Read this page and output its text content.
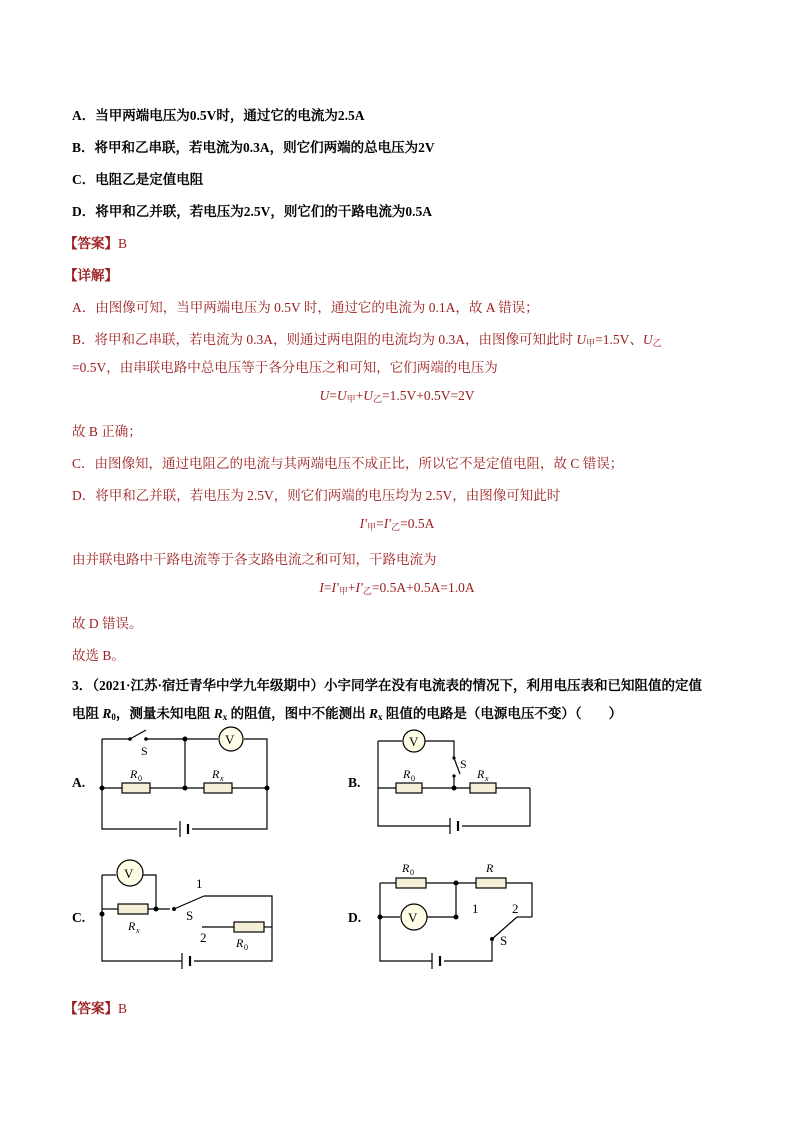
A．当甲两端电压为0.5V时，通过它的电流为2.5A
B．将甲和乙串联，若电流为0.3A，则它们两端的总电压为2V
C．电阻乙是定值电阻
D．将甲和乙并联，若电压为2.5V，则它们的干路电流为0.5A
【答案】B
【详解】
A．由图像可知，当甲两端电压为 0.5V 时，通过它的电流为 0.1A，故 A 错误；
B．将甲和乙串联，若电流为 0.3A，则通过两电阻的电流均为 0.3A，由图像可知此时 $U_甲=1.5V$、$U_乙$
=0.5V，由串联电路中总电压等于各分电压之和可知，它们两端的电压为
$U=U_甲+U_乙=1.5V+0.5V=2V$
故 B 正确；
C．由图像知，通过电阻乙的电流与其两端电压不成正比，所以它不是定值电阻，故 C 错误；
D．将甲和乙并联，若电压为 2.5V，则它们两端的电压均为 2.5V，由图像可知此时
$I'_甲=I'_乙=0.5A$
由并联电路中干路电流等于各支路电流之和可知，干路电流为
$I=I'_甲+I'_乙=0.5A+0.5A=1.0A$
故 D 错误。
故选 B。
3．（2021·江苏·宿迁青华中学九年级期中）小宇同学在没有电流表的情况下，利用电压表和已知阻值的定值
电阻 $R_0$，测量未知电阻 $R_x$ 的阻值，图中不能测出 $R_x$ 阻值的电路是（电源电压不变）（　　）
A.
S
V
R 0	R x	B.
V
S
R 0	R x
C.
V
1
S
2
R x
R 0
D.	V
1	2
S
R 0	R
【答案】B
